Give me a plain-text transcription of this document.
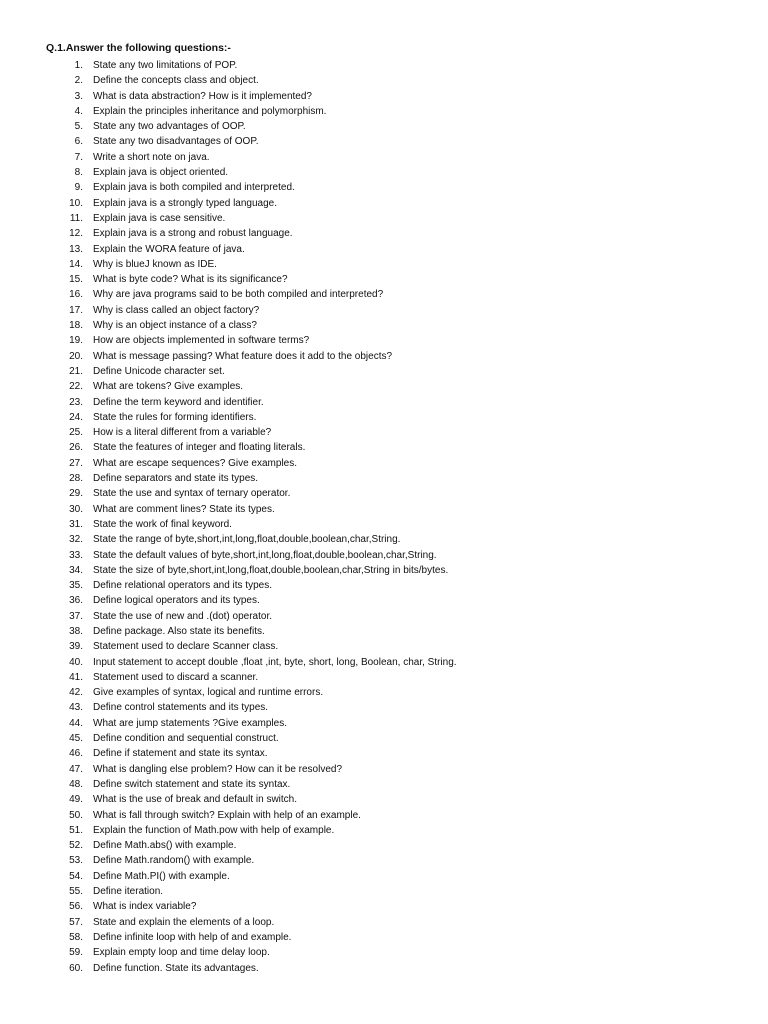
Q.1.Answer the following questions:-
1. State any two limitations of POP.
2. Define the concepts class and object.
3. What is data abstraction? How is it implemented?
4. Explain the principles inheritance and polymorphism.
5. State any two advantages of OOP.
6. State any two disadvantages of OOP.
7. Write a short note on java.
8. Explain java is object oriented.
9. Explain java is both compiled and interpreted.
10. Explain java is a strongly typed language.
11. Explain java is case sensitive.
12. Explain java is a strong and robust language.
13. Explain the WORA feature of java.
14. Why is blueJ known as IDE.
15. What is byte code? What is its significance?
16. Why are java programs said to be both compiled and interpreted?
17. Why is class called an object factory?
18. Why is an object instance of a class?
19. How are objects implemented in software terms?
20. What is message passing? What feature does it add to the objects?
21. Define Unicode character set.
22. What are tokens? Give examples.
23. Define the term keyword and identifier.
24. State the rules for forming identifiers.
25. How is a literal different from a variable?
26. State the features of integer and floating literals.
27. What are escape sequences? Give examples.
28. Define separators and state its types.
29. State the use and syntax of ternary operator.
30. What are comment lines? State its types.
31. State the work of final keyword.
32. State the range of byte,short,int,long,float,double,boolean,char,String.
33. State the default values of byte,short,int,long,float,double,boolean,char,String.
34. State the size of byte,short,int,long,float,double,boolean,char,String in bits/bytes.
35. Define relational operators and its types.
36. Define logical operators and its types.
37. State the use of new and .(dot) operator.
38. Define package. Also state its benefits.
39. Statement used to declare Scanner class.
40. Input statement to accept double ,float ,int, byte, short, long, Boolean, char, String.
41. Statement used to discard a scanner.
42. Give examples of syntax, logical and runtime errors.
43. Define control statements and its types.
44. What are jump statements ?Give examples.
45. Define condition and sequential construct.
46. Define if statement and state its syntax.
47. What is dangling else problem? How can it be resolved?
48. Define switch statement and state its syntax.
49. What is the use of break and default in switch.
50. What is fall through switch? Explain with help of an example.
51. Explain the function of Math.pow with help of example.
52. Define Math.abs() with example.
53. Define Math.random() with example.
54. Define Math.PI() with example.
55. Define iteration.
56. What is index variable?
57. State and explain the elements of a loop.
58. Define infinite loop with help of and example.
59. Explain empty loop and time delay loop.
60. Define function. State its advantages.
